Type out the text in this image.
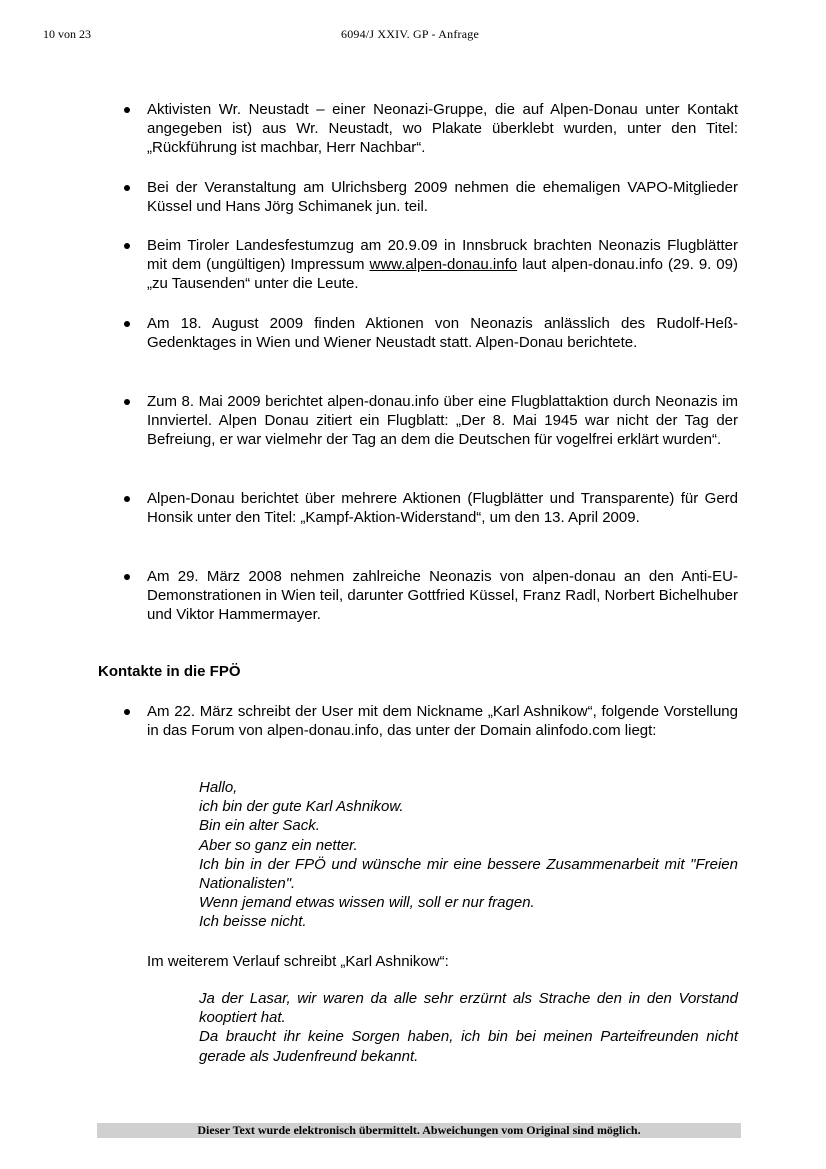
10 von 23	6094/J XXIV. GP - Anfrage
Aktivisten Wr. Neustadt – einer Neonazi-Gruppe, die auf Alpen-Donau unter Kontakt angegeben ist) aus Wr. Neustadt, wo Plakate überklebt wurden, unter den Titel: „Rückführung ist machbar, Herr Nachbar“.
Bei der Veranstaltung am Ulrichsberg 2009 nehmen die ehemaligen VAPO-Mitglieder Küssel und Hans Jörg Schimanek jun. teil.
Beim Tiroler Landesfestumzug am 20.9.09 in Innsbruck brachten Neonazis Flugblätter mit dem (ungültigen) Impressum www.alpen-donau.info laut alpen-donau.info (29. 9. 09) „zu Tausenden“ unter die Leute.
Am 18. August 2009 finden Aktionen von Neonazis anlässlich des Rudolf-Heß-Gedenktages in Wien und Wiener Neustadt statt. Alpen-Donau berichtete.
Zum 8. Mai 2009 berichtet alpen-donau.info über eine Flugblattaktion durch Neonazis im Innviertel. Alpen Donau zitiert ein Flugblatt: „Der 8. Mai 1945 war nicht der Tag der Befreiung, er war vielmehr der Tag an dem die Deutschen für vogelfrei erklärt wurden“.
Alpen-Donau berichtet über mehrere Aktionen (Flugblätter und Transparente) für Gerd Honsik unter den Titel: „Kampf-Aktion-Widerstand“, um den 13. April 2009.
Am 29. März 2008 nehmen zahlreiche Neonazis von alpen-donau an den Anti-EU-Demonstrationen in Wien teil, darunter Gottfried Küssel, Franz Radl, Norbert Bichelhuber und Viktor Hammermayer.
Kontakte in die FPÖ
Am 22. März schreibt der User mit dem Nickname „Karl Ashnikow“, folgende Vorstellung in das Forum von alpen-donau.info, das unter der Domain alinfodo.com liegt:
Hallo,
ich bin der gute Karl Ashnikow.
Bin ein alter Sack.
Aber so ganz ein netter.
Ich bin in der FPÖ und wünsche mir eine bessere Zusammenarbeit mit "Freien Nationalisten".
Wenn jemand etwas wissen will, soll er nur fragen.
Ich beisse nicht.
Im weiterem Verlauf schreibt „Karl Ashnikow“:
Ja der Lasar, wir waren da alle sehr erzürnt als Strache den in den Vorstand kooptiert hat.
Da braucht ihr keine Sorgen haben, ich bin bei meinen Parteifreunden nicht gerade als Judenfreund bekannt.
Dieser Text wurde elektronisch übermittelt. Abweichungen vom Original sind möglich.
